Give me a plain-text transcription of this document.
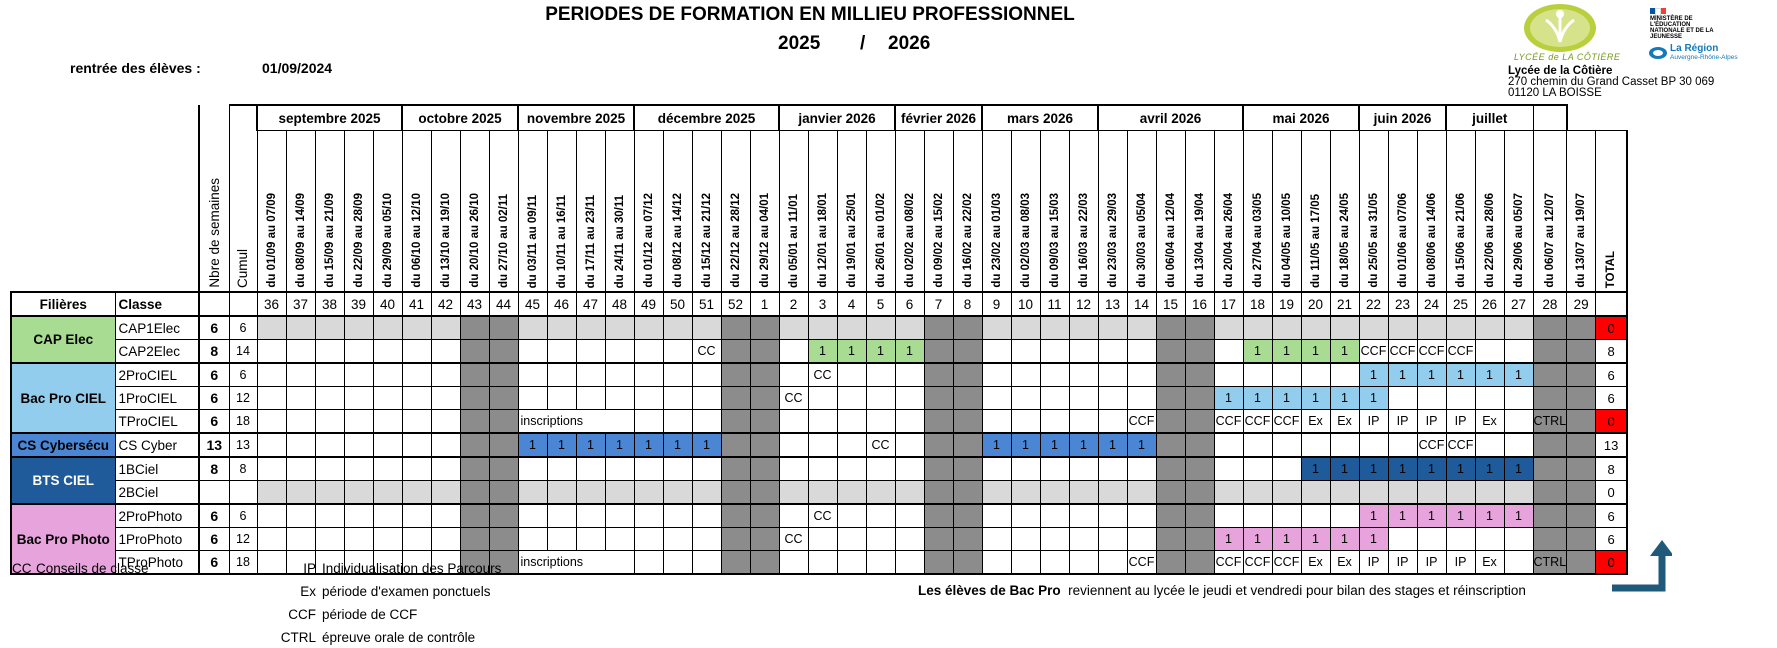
PERIODES DE FORMATION EN MILLIEU PROFESSIONNEL
2025 / 2026
rentrée des élèves :	01/09/2024
LYCÉE de LA CÔTIÈRE
Lycée de la Côtière
270 chemin du Grand Casset BP 30 069
01120 LA BOISSE
MINISTÈRE DE L'ÉDUCATION NATIONALE ET DE LA JEUNESSE
La Région
Auvergne-Rhône-Alpes
		Nbre de semaines	Cumul	septembre 2025					octobre 2025				novembre 2025				décembre 2025					janvier 2026				février 2026			mars 2026				avril 2026					mai 2026				juin 2026			juillet					
				du 01/09 au 07/09	du 08/09 au 14/09	du 15/09 au 21/09	du 22/09 au 28/09	du 29/09 au 05/10	du 06/10 au 12/10	du 13/10 au 19/10	du 20/10 au 26/10	du 27/10 au 02/11	du 03/11 au 09/11	du 10/11 au 16/11	du 17/11 au 23/11	du 24/11 au 30/11	du 01/12 au 07/12	du 08/12 au 14/12	du 15/12 au 21/12	du 22/12 au 28/12	du 29/12 au 04/01	du 05/01 au 11/01	du 12/01 au 18/01	du 19/01 au 25/01	du 26/01 au 01/02	du 02/02 au 08/02	du 09/02 au 15/02	du 16/02 au 22/02	du 23/02 au 01/03	du 02/03 au 08/03	du 09/03 au 15/03	du 16/03 au 22/03	du 23/03 au 29/03	du 30/03 au 05/04	du 06/04 au 12/04	du 13/04 au 19/04	du 20/04 au 26/04	du 27/04 au 03/05	du 04/05 au 10/05	du 11/05 au 17/05	du 18/05 au 24/05	du 25/05 au 31/05	du 01/06 au 07/06	du 08/06 au 14/06	du 15/06 au 21/06	du 22/06 au 28/06	du 29/06 au 05/07	du 06/07 au 12/07	du 13/07 au 19/07	TOTAL
Filières	Classe			36	37	38	39	40	41	42	43	44	45	46	47	48	49	50	51	52	1	2	3	4	5	6	7	8	9	10	11	12	13	14	15	16	17	18	19	20	21	22	23	24	25	26	27	28	29	
CAP Elec	CAP1Elec	6	6																																															0
	CAP2Elec	8	14																CC				1	1	1	1												1	1	1	1	CCF	CCF	CCF	CCF					8
Bac Pro CIEL	2ProCIEL	6	6																				CC																			1	1	1	1	1	1			6
	1ProCIEL	6	12																			CC															1	1	1	1	1	1								6
	TProCIEL	6	18										inscriptions																					CCF			CCF	CCF	CCF	Ex	Ex	IP	IP	IP	IP	Ex		CTRL		0
CS Cybersécu	CS Cyber	13	13										1	1	1	1	1	1	1						CC				1	1	1	1	1	1										CCF	CCF					13
BTS CIEL	1BCiel	8	8																																					1	1	1	1	1	1	1	1			8
	2BCiel																																																	0
Bac Pro Photo	2ProPhoto	6	6																				CC																			1	1	1	1	1	1			6
	1ProPhoto	6	12																			CC															1	1	1	1	1	1								6
	TProPhoto	6	18										inscriptions																					CCF			CCF	CCF	CCF	Ex	Ex	IP	IP	IP	IP	Ex		CTRL		0
CC Conseils de classe	IP Individualisation des Parcours
Ex période d'examen ponctuels
CCF période de CCF
CTRL épreuve orale de contrôle
Les élèves de Bac Pro reviennent au lycée le jeudi et vendredi pour bilan des stages et réinscription
